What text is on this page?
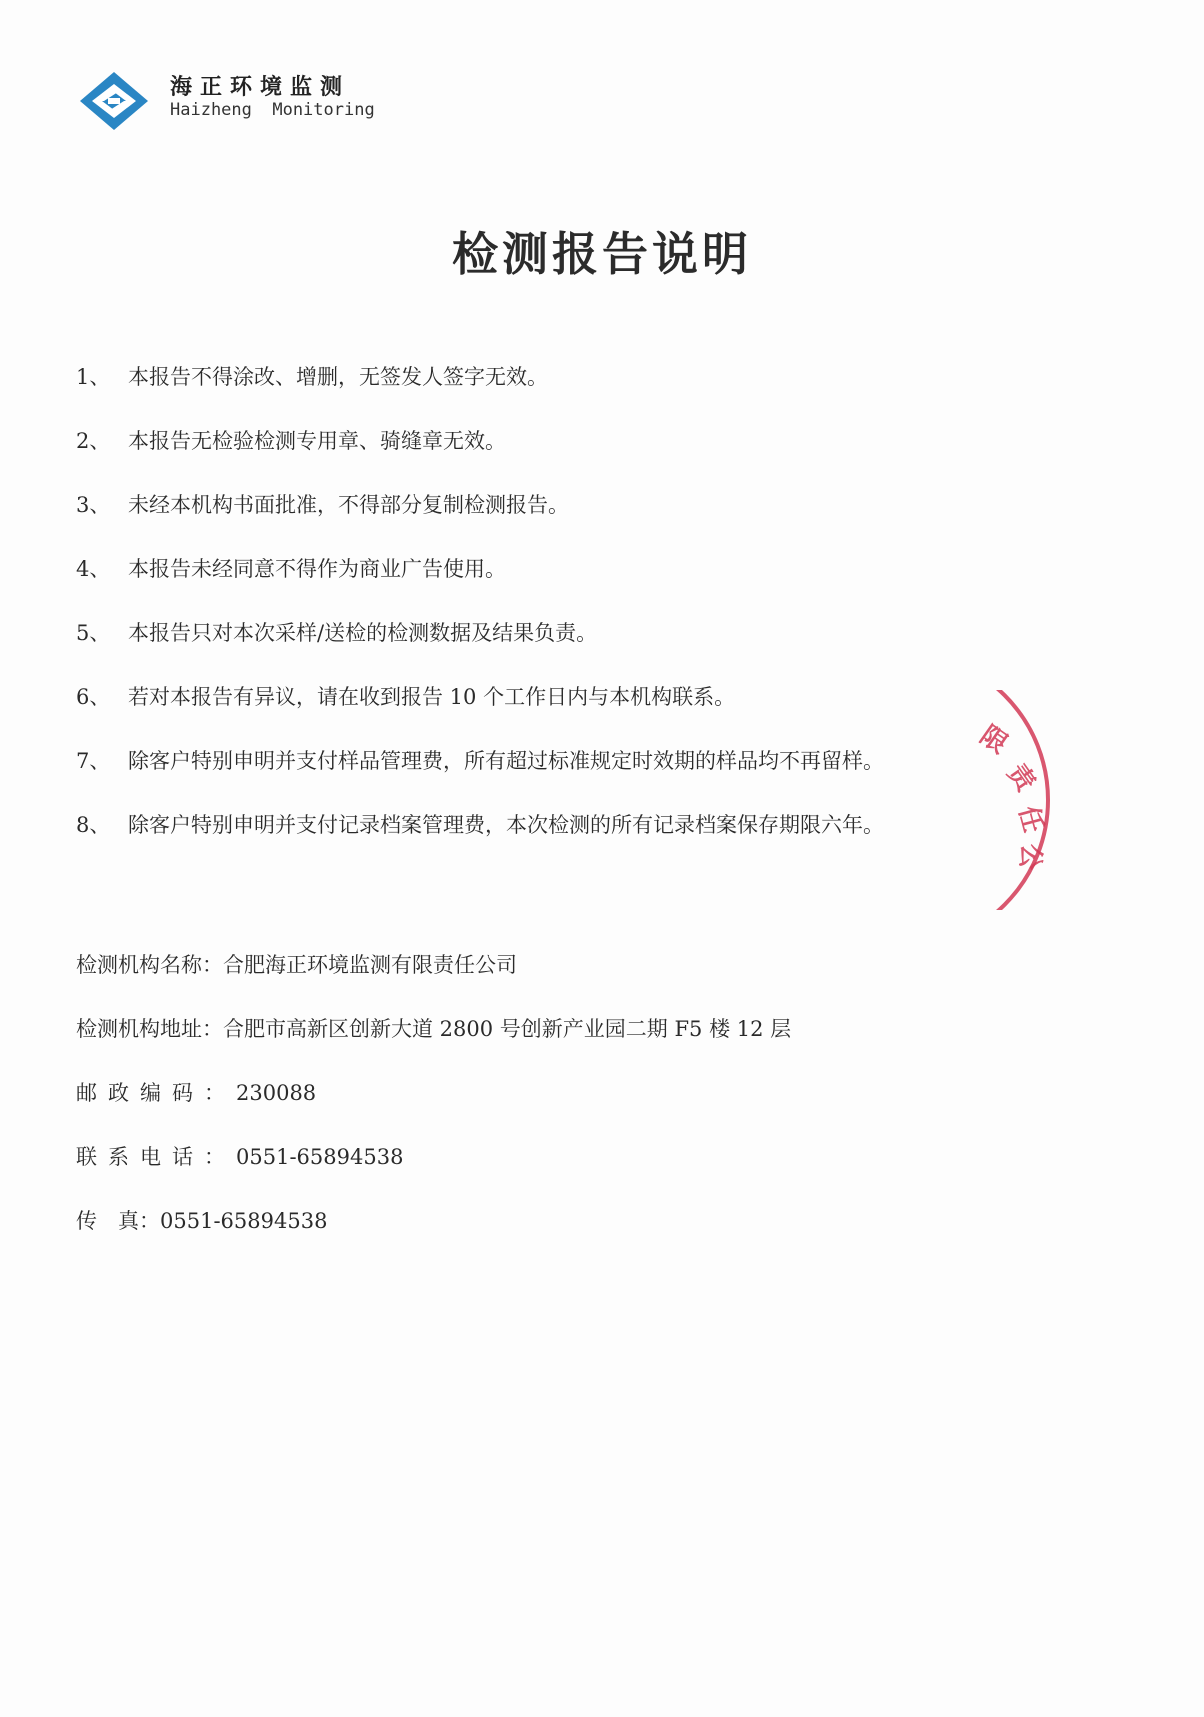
海正环境监测
Haizheng  Monitoring
检测报告说明
1、 本报告不得涂改、增删，无签发人签字无效。
2、 本报告无检验检测专用章、骑缝章无效。
3、 未经本机构书面批准，不得部分复制检测报告。
4、 本报告未经同意不得作为商业广告使用。
5、 本报告只对本次采样/送检的检测数据及结果负责。
6、 若对本报告有异议，请在收到报告 10 个工作日内与本机构联系。
7、 除客户特别申明并支付样品管理费，所有超过标准规定时效期的样品均不再留样。
8、 除客户特别申明并支付记录档案管理费，本次检测的所有记录档案保存期限六年。
限
责
任
公
检测机构名称： 合肥海正环境监测有限责任公司
检测机构地址： 合肥市高新区创新大道 2800 号创新产业园二期 F5 楼 12 层
邮政编码： 230088
联系电话： 0551-65894538
传　真： 0551-65894538
